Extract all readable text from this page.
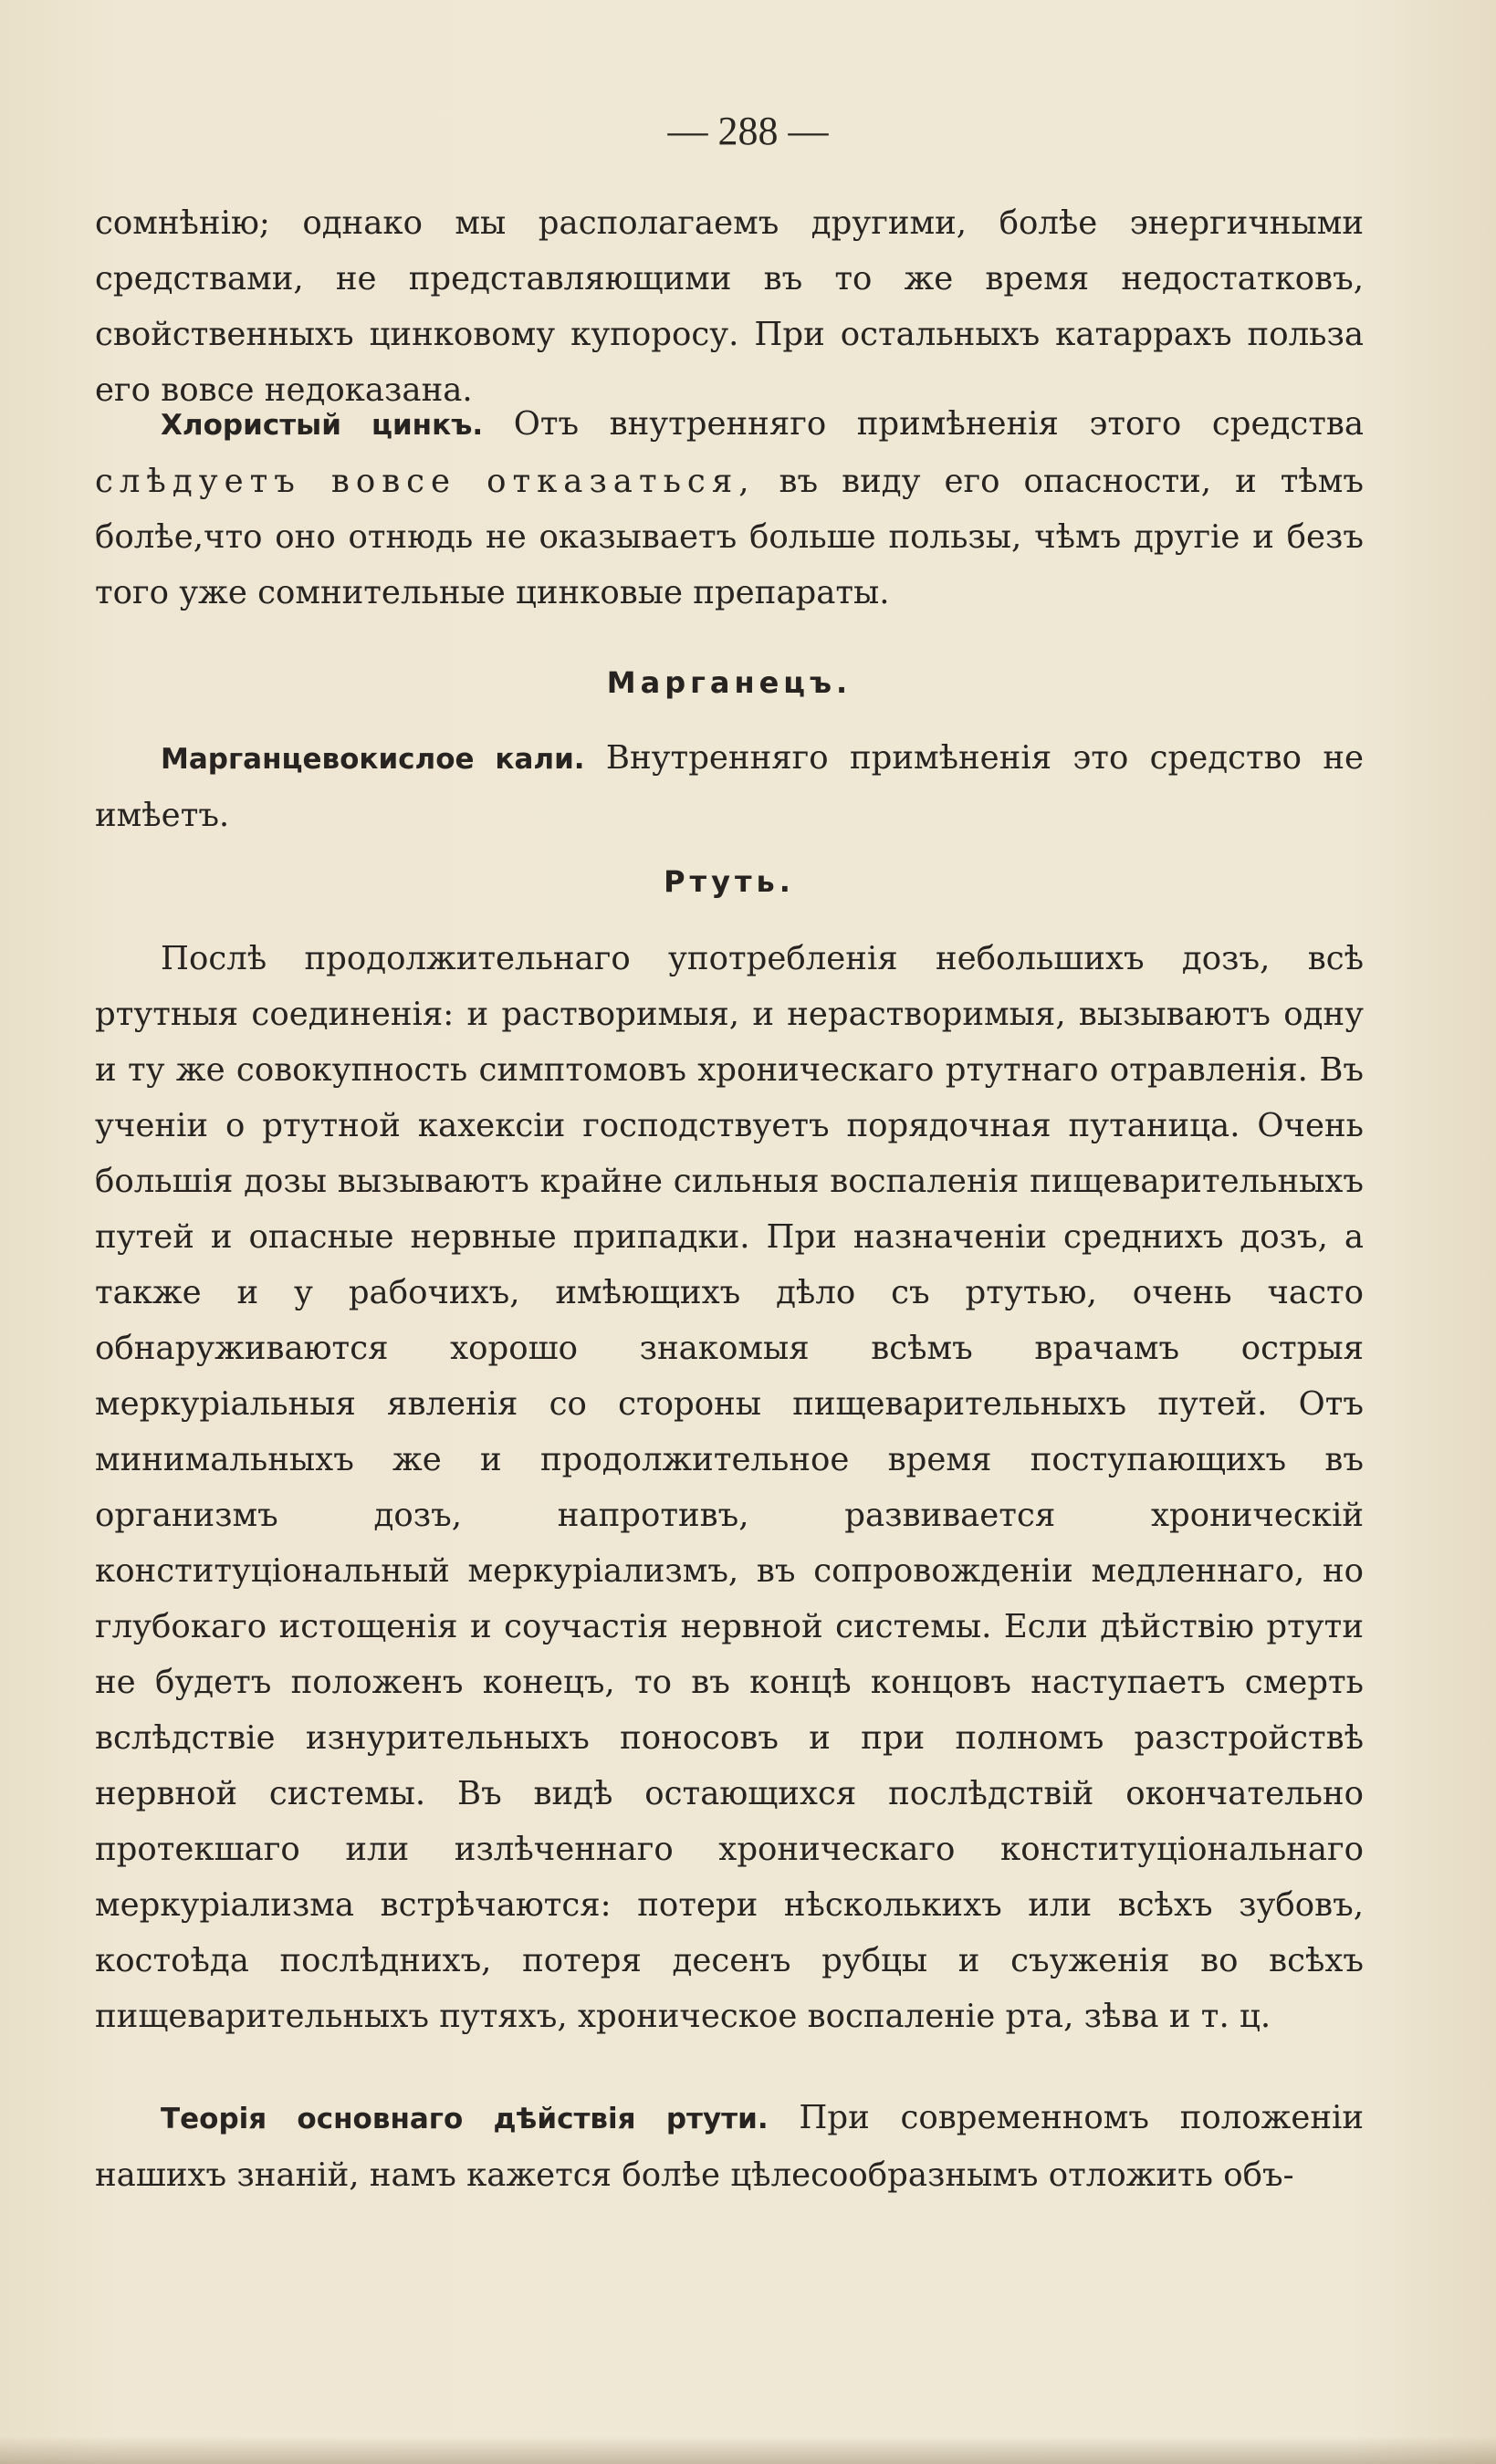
— 288 —

сомнѣнію; однако мы располагаемъ другими, болѣе энергичными средствами, не представляющими въ то же время недостатковъ, свойственныхъ цинковому купоросу. При остальныхъ катаррахъ польза его вовсе недоказана.

Хлористый цинкъ. Отъ внутренняго примѣненія этого средства слѣдуетъ вовсе отказаться, въ виду его опасности, и тѣмъ болѣе,что оно отнюдь не оказываетъ больше пользы, чѣмъ другіе и безъ того уже сомнительные цинковые препараты.

Марганецъ.

Марганцевокислое кали. Внутренняго примѣненія это средство не имѣетъ.

Ртуть.

Послѣ продолжительнаго употребленія небольшихъ дозъ, всѣ ртутныя соединенія: и растворимыя, и нерастворимыя, вызываютъ одну и ту же совокупность симптомовъ хроническаго ртутнаго отравленія. Въ ученіи о ртутной кахексіи господствуетъ порядочная путаница. Очень большія дозы вызываютъ крайне сильныя воспаленія пищеварительныхъ путей и опасные нервные припадки. При назначеніи среднихъ дозъ, а также и у рабочихъ, имѣющихъ дѣло съ ртутью, очень часто обнаруживаются хорошо знакомыя всѣмъ врачамъ острыя меркуріальныя явленія со стороны пищеварительныхъ путей. Отъ минимальныхъ же и продолжительное время поступающихъ въ организмъ дозъ, напротивъ, развивается хроническій конституціональный меркуріализмъ, въ сопровожденіи медленнаго, но глубокаго истощенія и соучастія нервной системы. Если дѣйствію ртути не будетъ положенъ конецъ, то въ концѣ концовъ наступаетъ смерть вслѣдствіе изнурительныхъ поносовъ и при полномъ разстройствѣ нервной системы. Въ видѣ остающихся послѣдствій окончательно протекшаго или излѣченнаго хроническаго конституціональнаго меркуріализма встрѣчаются: потери нѣсколькихъ или всѣхъ зубовъ, костоѣда послѣднихъ, потеря десенъ рубцы и съуженія во всѣхъ пищеварительныхъ путяхъ, хроническое воспаленіе рта, зѣва и т. ц.

Теорія основнаго дѣйствія ртути. При современномъ положеніи нашихъ знаній, намъ кажется болѣе цѣлесообразнымъ отложить объ-
